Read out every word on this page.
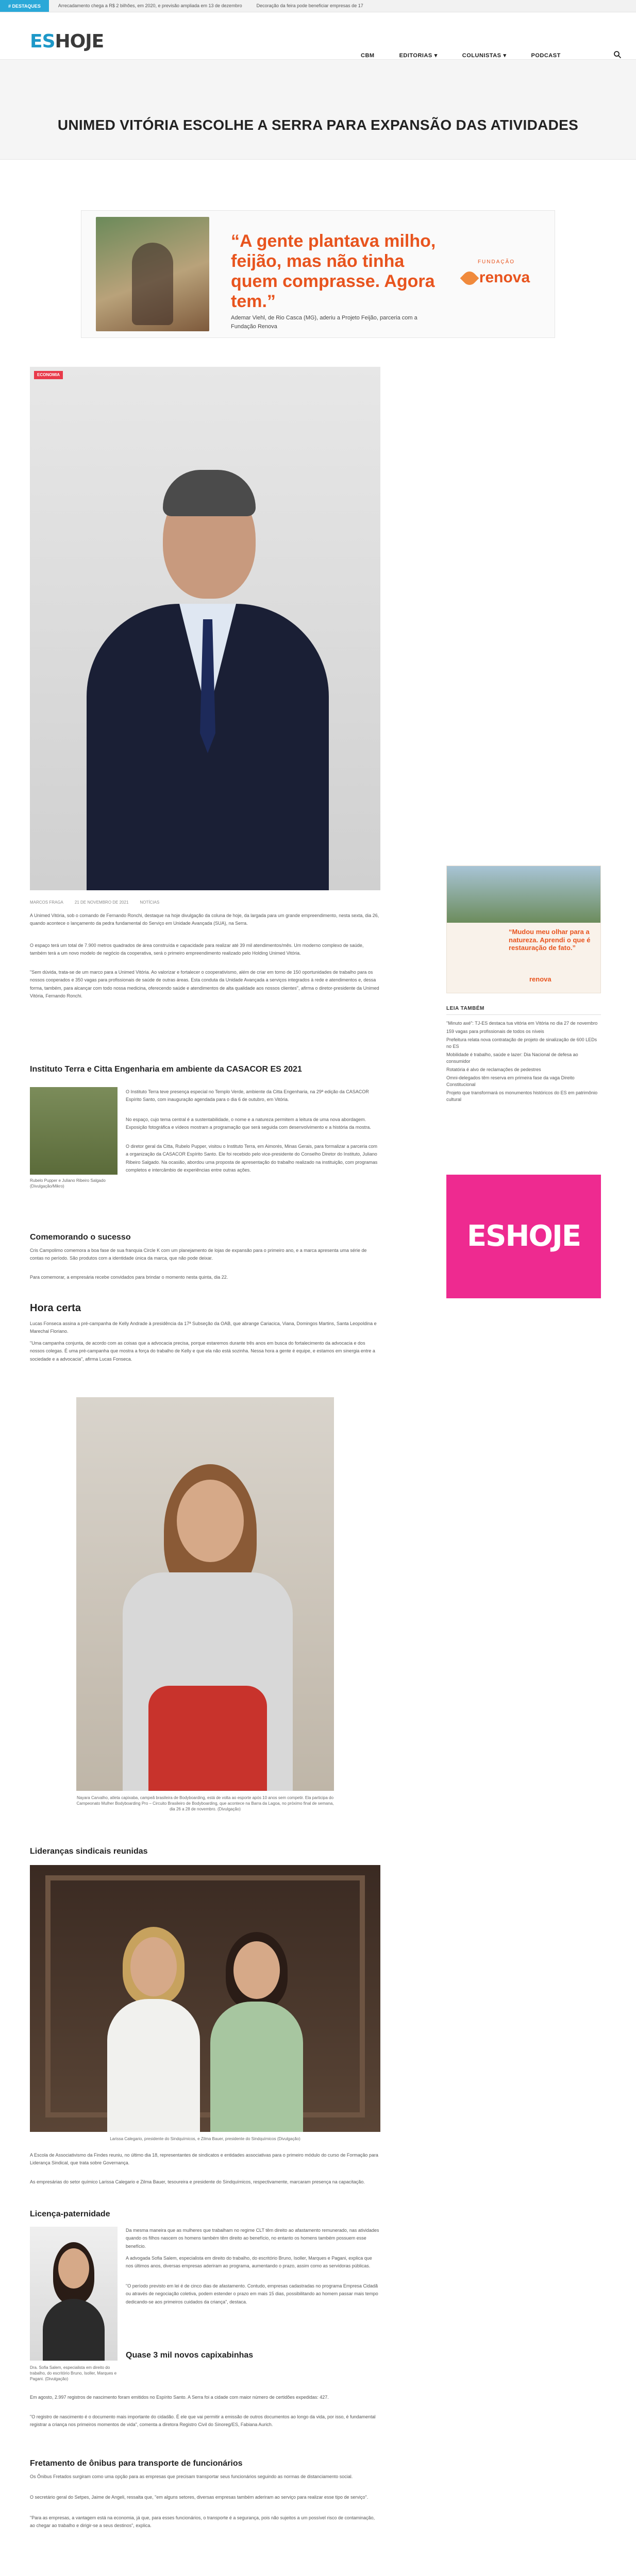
# DESTAQUES	Arrecadamento chega a R$ 2 bilhões, em 2020, e previsão ampliada em 13 de dezembro	Decoração da feira pode beneficiar empresas de 17
ESHOJE
CBM	EDITORIAS ▾	COLUNISTAS ▾	PODCAST
UNIMED VITÓRIA ESCOLHE A SERRA PARA EXPANSÃO DAS ATIVIDADES
“A gente plantava milho, feijão, mas não tinha quem comprasse. Agora tem.”
Ademar Viehl, de Rio Casca (MG), aderiu a Projeto Feijão, parceria com a Fundação Renova
FUNDAÇÃO
renova
ECONOMIA
MARCOS FRAGA	21 DE NOVEMBRO DE 2021	NOTÍCIAS

A Unimed Vitória, sob o comando de Fernando Ronchi, destaque na hoje divulgação da coluna de hoje, da largada para um grande empreendimento, nesta sexta, dia 26, quando acontece o lançamento da pedra fundamental do Serviço em Unidade Avançada (SUA), na Serra.

O espaço terá um total de 7.900 metros quadrados de área construída e capacidade para realizar até 39 mil atendimentos/mês. Um moderno complexo de saúde, também terá a um novo modelo de negócio da cooperativa, será o primeiro empreendimento realizado pelo Holding Unimed Vitória.

"Sem dúvida, trata-se de um marco para a Unimed Vitória. Ao valorizar e fortalecer o cooperativismo, além de criar em torno de 150 oportunidades de trabalho para os nossos cooperados e 350 vagas para profissionais de saúde de outras áreas. Esta conduta da Unidade Avançada a serviços integrados à rede e atendimentos e, dessa forma, também, para alcançar com todo nossa medicina, oferecendo saúde e atendimentos de alta qualidade aos nossos clientes", afirma o diretor-presidente da Unimed Vitória, Fernando Ronchi.

“Mudou meu olhar para a natureza. Aprendi o que é restauração de fato.”
renova
LEIA TAMBÉM
"Minuto axé": TJ-ES destaca tua vitória em Vitória no dia 27 de novembro
159 vagas para profissionais de todos os níveis
Prefeitura relata nova contratação de projeto de sinalização de 600 LEDs no ES
Mobilidade é trabalho, saúde e lazer: Dia Nacional de defesa ao consumidor
Rotatória é alvo de reclamações de pedestres
Omni-delegados têm reserva em primeira fase da vaga Direito Constitucional
Projeto que transformará os monumentos históricos do ES em patrimônio cultural
ES HOJE
Instituto Terra e Citta Engenharia em ambiente da CASACOR ES 2021
Rubelo Pupper e Juliano Ribeiro Salgado (Divulgação/Mikro)

O Instituto Terra teve presença especial no Templo Verde, ambiente da Citta Engenharia, na 29ª edição da CASACOR Espírito Santo, com inauguração agendada para o dia 6 de outubro, em Vitória.

No espaço, cujo tema central é a sustentabilidade, o nome e a natureza permitem a leitura de uma nova abordagem. Exposição fotográfica e vídeos mostram a programação que será seguida com desenvolvimento e a história da mostra.

O diretor geral da Citta, Rubelo Pupper, visitou o Instituto Terra, em Aimorés, Minas Gerais, para formalizar a parceria com a organização da CASACOR Espírito Santo. Ele foi recebido pelo vice-presidente do Conselho Diretor do Instituto, Juliano Ribeiro Salgado. Na ocasião, abordou uma proposta de apresentação do trabalho realizado na instituição, com programas completos e intercâmbio de experiências entre outras ações.

Comemorando o sucesso

Cris Campolimo comemora a boa fase de sua franquia Circle K com um planejamento de lojas de expansão para o primeiro ano, e a marca apresenta uma série de contas no período. São produtos com a identidade única da marca, que não pode deixar.

Para comemorar, a empresária recebe convidados para brindar o momento nesta quinta, dia 22.

Hora certa

Lucas Fonseca assina a pré-campanha de Kelly Andrade à presidência da 17ª Subseção da OAB, que abrange Cariacica, Viana, Domingos Martins, Santa Leopoldina e Marechal Floriano.

"Uma campanha conjunta, de acordo com as coisas que a advocacia precisa, porque estaremos durante três anos em busca do fortalecimento da advocacia e dos nossos colegas. É uma pré-campanha que mostra a força do trabalho de Kelly e que ela não está sozinha. Nessa hora a gente é equipe, e estamos em sinergia entre a sociedade e a advocacia", afirma Lucas Fonseca.

Nayara Carvalho, atleta capixaba, campeã brasileira de Bodyboarding, está de volta ao esporte após 10 anos sem competir. Ela participa do Campeonato Mulher Bodyboarding Pro – Circuito Brasileiro de Bodyboarding, que acontece na Barra da Lagoa, no próximo final de semana, dia 26 a 28 de novembro. (Divulgação)
Lideranças sindicais reunidas
Larissa Calegario, presidente do Sindquímicos, e Zilma Bauer, presidente do Sindquímicos (Divulgação)

A Escola de Associativismo da Findes reuniu, no último dia 18, representantes de sindicatos e entidades associativas para o primeiro módulo do curso de Formação para Liderança Sindical, que trata sobre Governança.

As empresárias do setor químico Larissa Calegario e Zilma Bauer, tesoureira e presidente do Sindquímicos, respectivamente, marcaram presença na capacitação.

Licença-paternidade
Dra. Sofia Salem, especialista em direito do trabalho, do escritório Bruno, Isoller, Marques e Pagani. (Divulgação)

Da mesma maneira que as mulheres que trabalham no regime CLT têm direito ao afastamento remunerado, nas atividades quando os filhos nascem os homens também têm direito ao benefício, no entanto os homens também possuem esse benefício.

A advogada Sofia Salem, especialista em direito do trabalho, do escritório Bruno, Isoller, Marques e Pagani, explica que nos últimos anos, diversas empresas aderiram ao programa, aumentando o prazo, assim como as servidoras públicas.

"O período previsto em lei é de cinco dias de afastamento. Contudo, empresas cadastradas no programa Empresa Cidadã ou através de negociação coletiva, podem estender o prazo em mais 15 dias, possibilitando ao homem passar mais tempo dedicando-se aos primeiros cuidados da criança", destaca.

Quase 3 mil novos capixabinhas

Em agosto, 2.997 registros de nascimento foram emitidos no Espírito Santo. A Serra foi a cidade com maior número de certidões expedidas: 427.

"O registro de nascimento é o documento mais importante do cidadão. É ele que vai permitir a emissão de outros documentos ao longo da vida, por isso, é fundamental registrar a criança nos primeiros momentos de vida", comenta a diretora Registro Civil do Sinoreg/ES, Fabiana Aurich.

Fretamento de ônibus para transporte de funcionários

Os Ônibus Fretados surgiram como uma opção para as empresas que precisam transportar seus funcionários seguindo as normas de distanciamento social.

O secretário geral do Setpes, Jaime de Angeli, ressalta que, "em alguns setores, diversas empresas também aderiram ao serviço para realizar esse tipo de serviço".

"Para as empresas, a vantagem está na economia, já que, para esses funcionários, o transporte é a segurança, pois não sujeitos a um possível risco de contaminação, ao chegar ao trabalho e dirigir-se a seus destinos", explica.
